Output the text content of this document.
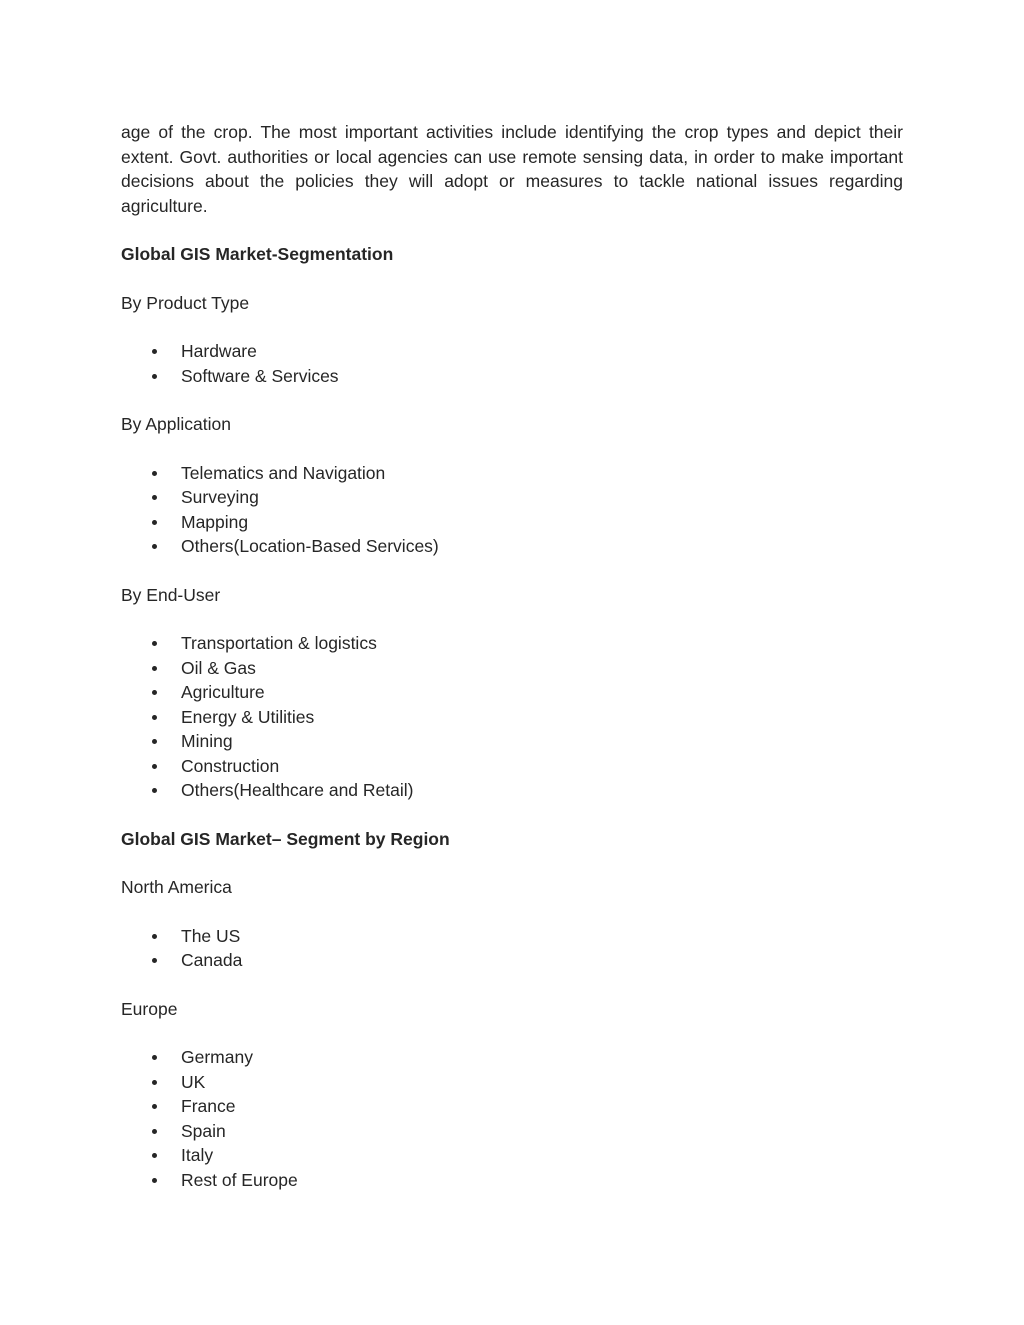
age of the crop. The most important activities include identifying the crop types and depict their extent. Govt. authorities or local agencies can use remote sensing data, in order to make important decisions about the policies they will adopt or measures to tackle national issues regarding agriculture.

Global GIS Market-Segmentation

By Product Type

Hardware
Software & Services

By Application

Telematics and Navigation
Surveying
Mapping
Others(Location-Based Services)

By End-User

Transportation & logistics
Oil & Gas
Agriculture
Energy & Utilities
Mining
Construction
Others(Healthcare and Retail)

Global GIS Market– Segment by Region

North America

The US
Canada

Europe

Germany
UK
France
Spain
Italy
Rest of Europe
